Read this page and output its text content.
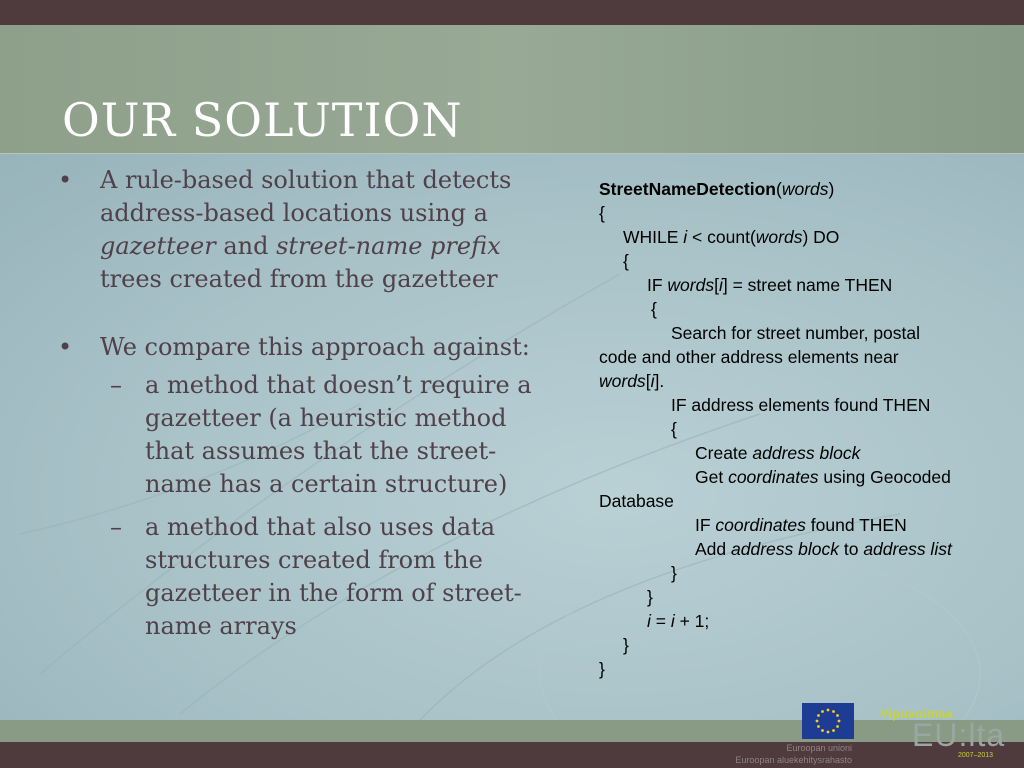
OUR SOLUTION
• A rule-based solution that detects address-based locations using a gazetteer and street-name prefix trees created from the gazetteer
• We compare this approach against:
– a method that doesn’t require a gazetteer (a heuristic method that assumes that the street-name has a certain structure)
– a method that also uses data structures created from the gazetteer in the form of street-name arrays
StreetNameDetection(words)
{
WHILE i < count(words) DO
{
IF words[i] = street name THEN
{
Search for street number, postal
code and other address elements near
words[i].
IF address elements found THEN
{
Create address block
Get coordinates using Geocoded
Database
IF coordinates found THEN
Add address block to address list
}
}
i = i + 1;
}
}
Euroopan unioni
Euroopan aluekehitysrahasto
Vipuvoimaa
EU:lta
2007–2013
